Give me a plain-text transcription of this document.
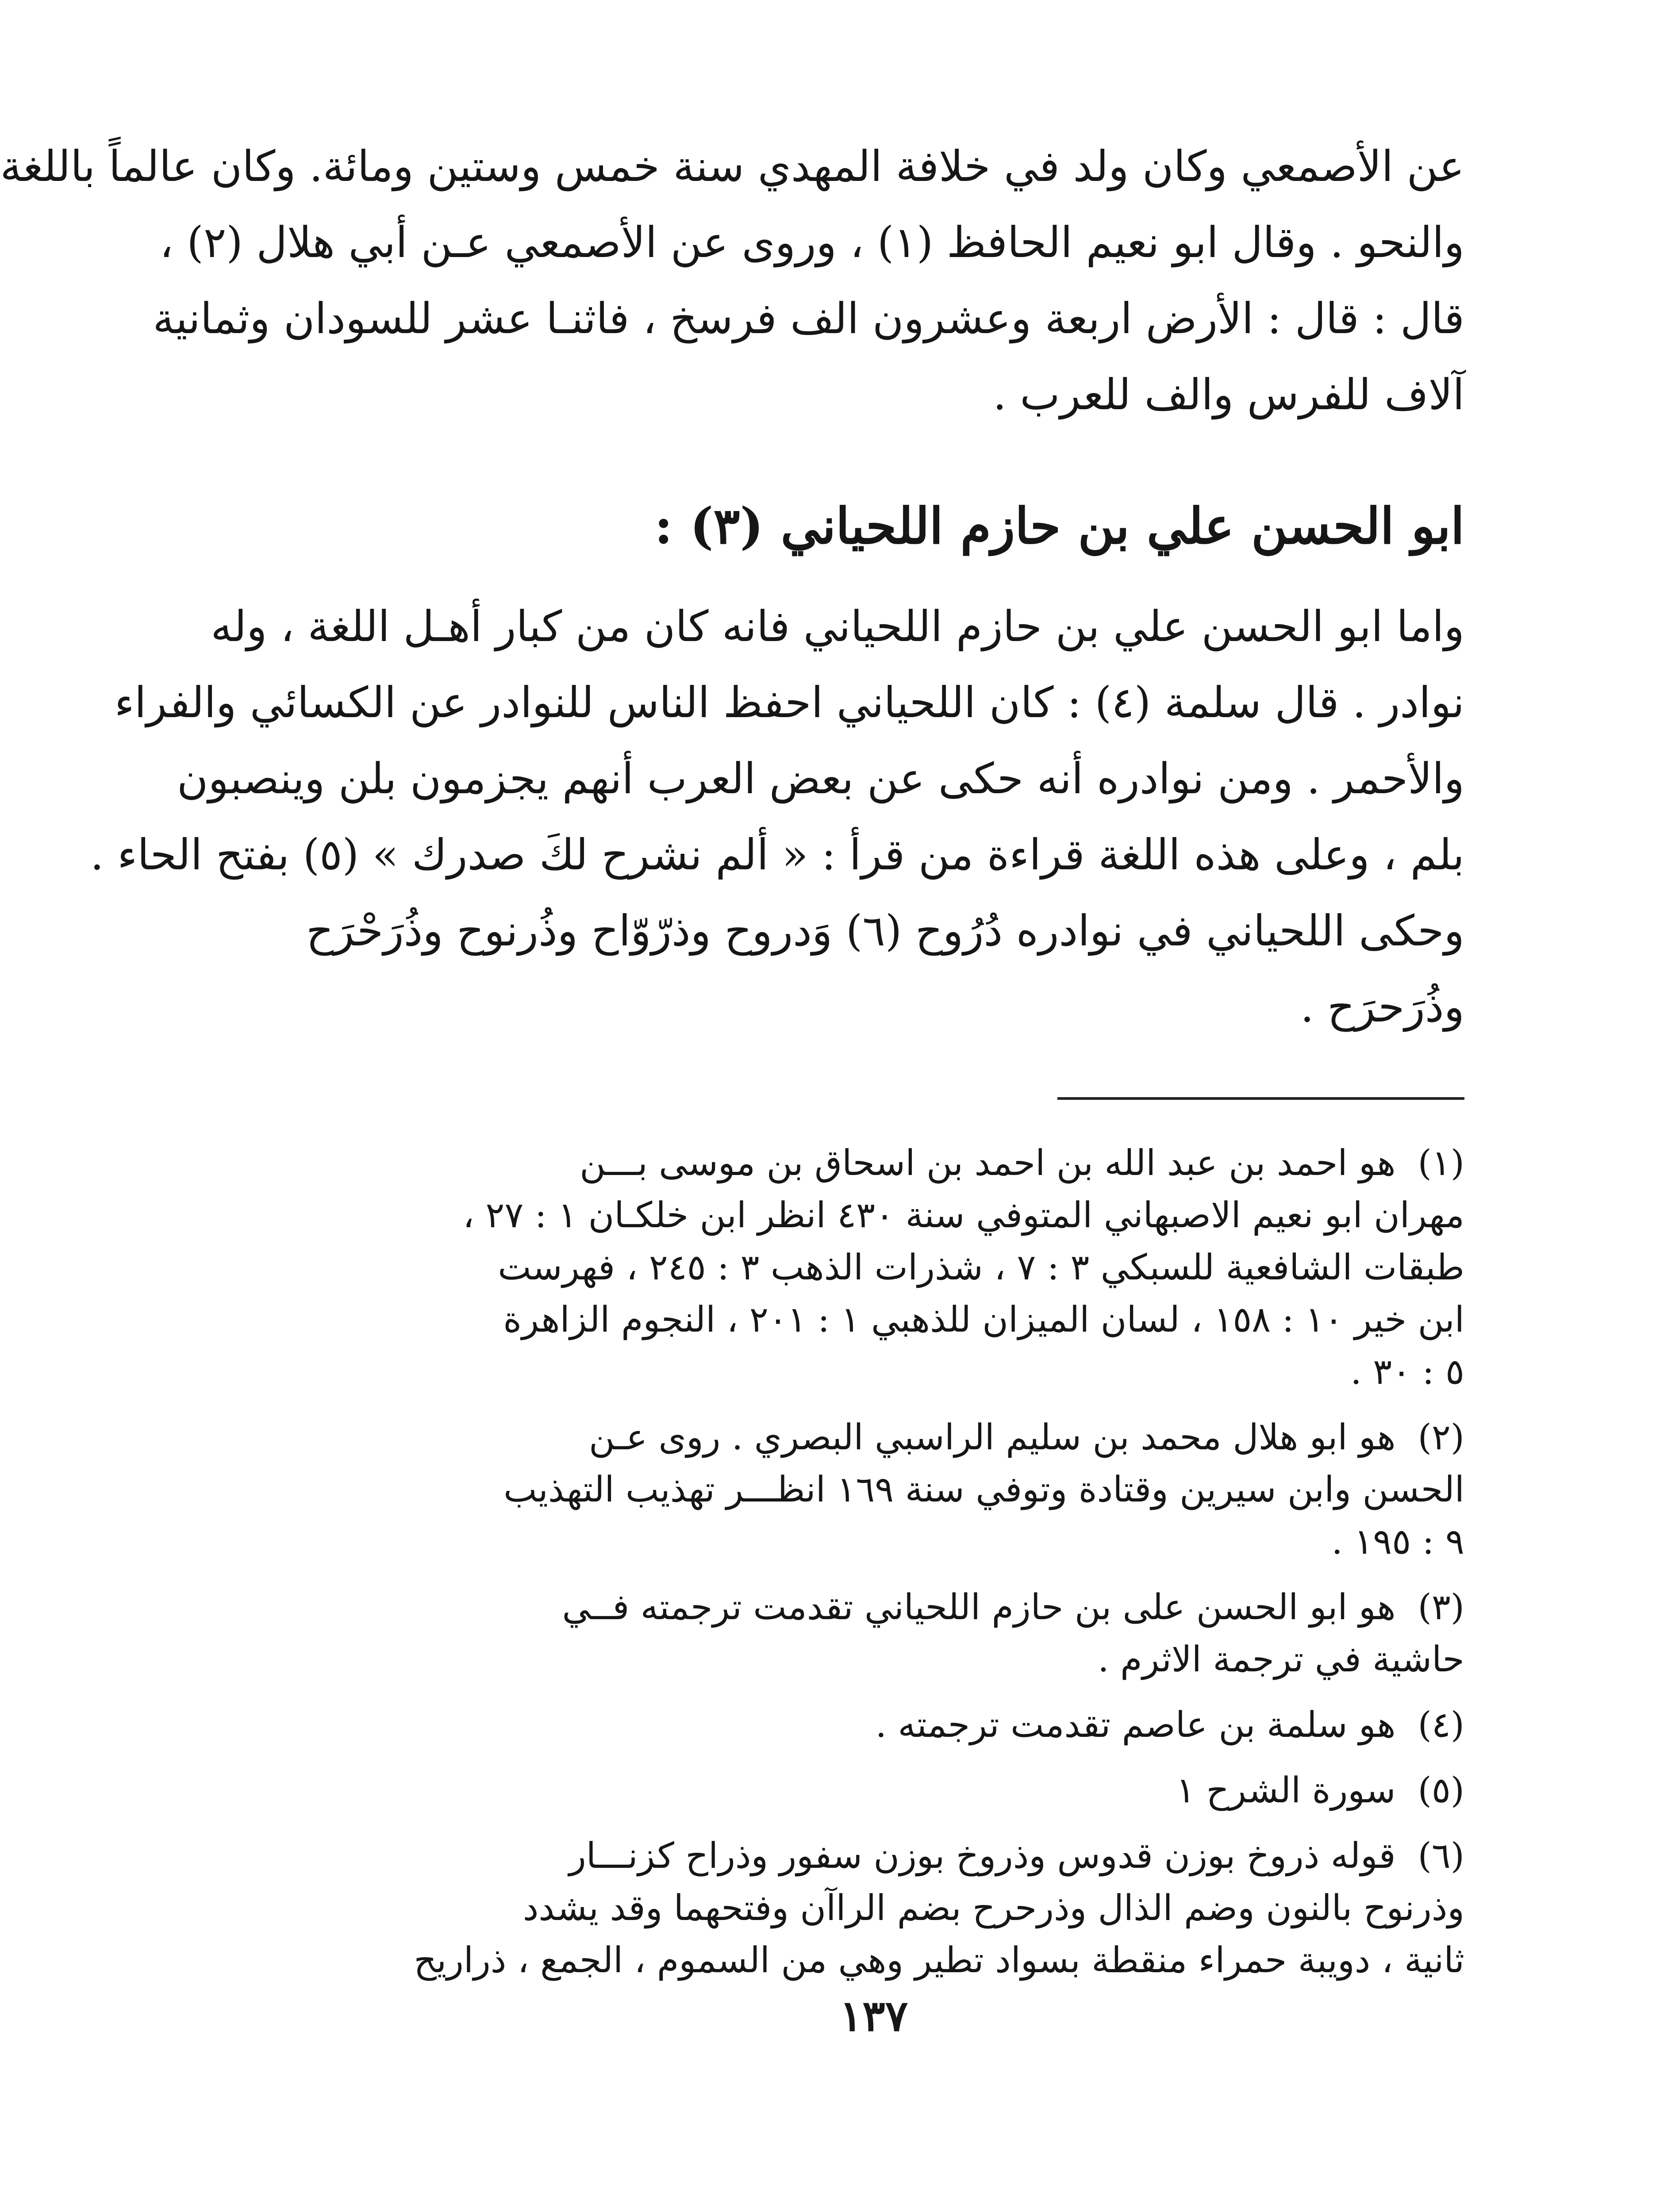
عن الأصمعي وكان ولد في خلافة المهدي سنة خمس وستين ومائة. وكان عالماً باللغة
والنحو . وقال ابو نعيم الحافظ (١) ، وروى عن الأصمعي عـن أبي هلال (٢) ،
قال : قال : الأرض اربعة وعشرون الف فرسخ ، فاثنـا عشر للسودان وثمانية
آلاف للفرس والف للعرب .
ابو الحسن علي بن حازم اللحياني (٣) :
واما ابو الحسن علي بن حازم اللحياني فانه كان من كبار أهـل اللغة ، وله
نوادر . قال سلمة (٤) : كان اللحياني احفظ الناس للنوادر عن الكسائي والفراء
والأحمر . ومن نوادره أنه حكى عن بعض العرب أنهم يجزمون بلن وينصبون
بلم ، وعلى هذه اللغة قراءة من قرأ : « ألم نشرح لكَ صدرك » (٥) بفتح الحاء .
وحكى اللحياني في نوادره دُرُوح (٦) وَدروح وذرّوّاح وذُرنوح وذُرَحْرَح
وذُرَحرَح .
(١) هو احمد بن عبد الله بن احمد بن اسحاق بن موسى بـــن
مهران ابو نعيم الاصبهاني المتوفي سنة ٤٣٠ انظر ابن خلكـان ١ : ٢٧ ،
طبقات الشافعية للسبكي ٣ : ٧ ، شذرات الذهب ٣ : ٢٤٥ ، فهرست
ابن خير ١٠ : ١٥٨ ، لسان الميزان للذهبي ١ : ٢٠١ ، النجوم الزاهرة
٥ : ٣٠ .
(٢) هو ابو هلال محمد بن سليم الراسبي البصري . روى عـن
الحسن وابن سيرين وقتادة وتوفي سنة ١٦٩ انظـــر تهذيب التهذيب
٩ : ١٩٥ .
(٣) هو ابو الحسن على بن حازم اللحياني تقدمت ترجمته فــي
حاشية في ترجمة الاثرم .
(٤) هو سلمة بن عاصم تقدمت ترجمته .
(٥) سورة الشرح ١
(٦) قوله ذروخ بوزن قدوس وذروخ بوزن سفور وذراح كزنـــار
وذرنوح بالنون وضم الذال وذرحرح بضم الراآن وفتحهما وقد يشدد
ثانية ، دويبة حمراء منقطة بسواد تطير وهي من السموم ، الجمع ، ذراريح
١٣٧
